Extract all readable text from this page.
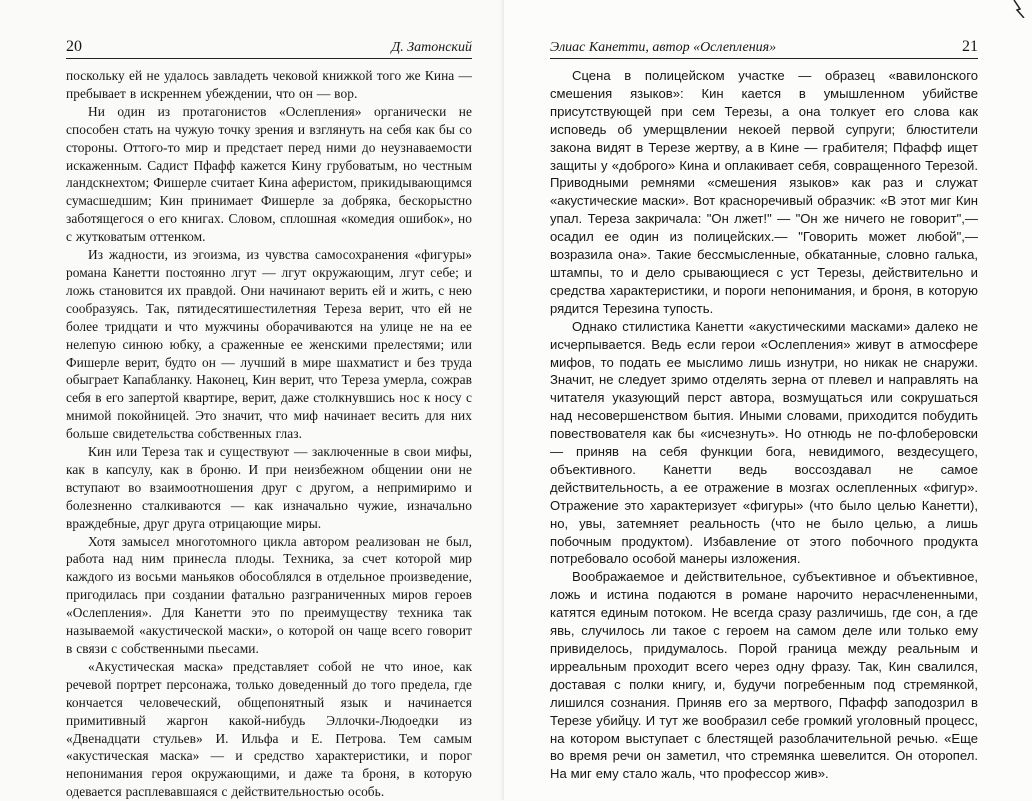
20	Д. Затонский

поскольку ей не удалось завладеть чековой книжкой того же Кина — пребывает в искреннем убеждении, что он — вор.

Ни один из протагонистов «Ослепления» органически не способен стать на чужую точку зрения и взглянуть на себя как бы со стороны. Оттого-то мир и предстает перед ними до неузнаваемости искаженным. Садист Пфафф кажется Кину грубоватым, но честным ландскнехтом; Фишерле считает Кина аферистом, прикидывающимся сумасшедшим; Кин принимает Фишерле за добряка, бескорыстно заботящегося о его книгах. Словом, сплошная «комедия ошибок», но с жутковатым оттенком.

Из жадности, из эгоизма, из чувства самосохранения «фигуры» романа Канетти постоянно лгут — лгут окружающим, лгут себе; и ложь становится их правдой. Они начинают верить ей и жить, с нею сообразуясь. Так, пятидесятишестилетняя Тереза верит, что ей не более тридцати и что мужчины оборачиваются на улице не на ее нелепую синюю юбку, а сраженные ее женскими прелестями; или Фишерле верит, будто он — лучший в мире шахматист и без труда обыграет Капабланку. Наконец, Кин верит, что Тереза умерла, сожрав себя в его запертой квартире, верит, даже столкнувшись нос к носу с мнимой покойницей. Это значит, что миф начинает весить для них больше свидетельства собственных глаз.

Кин или Тереза так и существуют — заключенные в свои мифы, как в капсулу, как в броню. И при неизбежном общении они не вступают во взаимоотношения друг с другом, а непримиримо и болезненно сталкиваются — как изначально чужие, изначально враждебные, друг друга отрицающие миры.

Хотя замысел многотомного цикла автором реализован не был, работа над ним принесла плоды. Техника, за счет которой мир каждого из восьми маньяков обособлялся в отдельное произведение, пригодилась при создании фатально разграниченных миров героев «Ослепления». Для Канетти это по преимуществу техника так называемой «акустической маски», о которой он чаще всего говорит в связи с собственными пьесами.

«Акустическая маска» представляет собой не что иное, как речевой портрет персонажа, только доведенный до того предела, где кончается человеческий, общепонятный язык и начинается примитивный жаргон какой-нибудь Эллочки-Людоедки из «Двенадцати стульев» И. Ильфа и Е. Петрова. Тем самым «акустическая маска» — и средство характеристики, и порог непонимания героя окружающими, и даже та броня, в которую одевается расплевавшаяся с действительностью особь.

Элиас Канетти, автор «Ослепления»	21

Сцена в полицейском участке — образец «вавилонского смешения языков»: Кин кается в умышленном убийстве присутствующей при сем Терезы, а она толкует его слова как исповедь об умерщвлении некоей первой супруги; блюстители закона видят в Терезе жертву, а в Кине — грабителя; Пфафф ищет защиты у «доброго» Кина и оплакивает себя, совращенного Терезой. Приводными ремнями «смешения языков» как раз и служат «акустические маски». Вот красноречивый образчик: «В этот миг Кин упал. Тереза закричала: "Он лжет!" — "Он же ничего не говорит",— осадил ее один из полицейских.— "Говорить может любой",— возразила она». Такие бессмысленные, обкатанные, словно галька, штампы, то и дело срывающиеся с уст Терезы, действительно и средства характеристики, и пороги непонимания, и броня, в которую рядится Терезина тупость.

Однако стилистика Канетти «акустическими масками» далеко не исчерпывается. Ведь если герои «Ослепления» живут в атмосфере мифов, то подать ее мыслимо лишь изнутри, но никак не снаружи. Значит, не следует зримо отделять зерна от плевел и направлять на читателя указующий перст автора, возмущаться или сокрушаться над несовершенством бытия. Иными словами, приходится побудить повествователя как бы «исчезнуть». Но отнюдь не по-флоберовски — приняв на себя функции бога, невидимого, вездесущего, объективного. Канетти ведь воссоздавал не самое действительность, а ее отражение в мозгах ослепленных «фигур». Отражение это характеризует «фигуры» (что было целью Канетти), но, увы, затемняет реальность (что не было целью, а лишь побочным продуктом). Избавление от этого побочного продукта потребовало особой манеры изложения.

Воображаемое и действительное, субъективное и объективное, ложь и истина подаются в романе нарочито нерасчлененными, катятся единым потоком. Не всегда сразу различишь, где сон, а где явь, случилось ли такое с героем на самом деле или только ему привиделось, придумалось. Порой граница между реальным и ирреальным проходит всего через одну фразу. Так, Кин свалился, доставая с полки книгу, и, будучи погребенным под стремянкой, лишился сознания. Приняв его за мертвого, Пфафф заподозрил в Терезе убийцу. И тут же вообразил себе громкий уголовный процесс, на котором выступает с блестящей разоблачительной речью. «Еще во время речи он заметил, что стремянка шевелится. Он оторопел. На миг ему стало жаль, что профессор жив».
